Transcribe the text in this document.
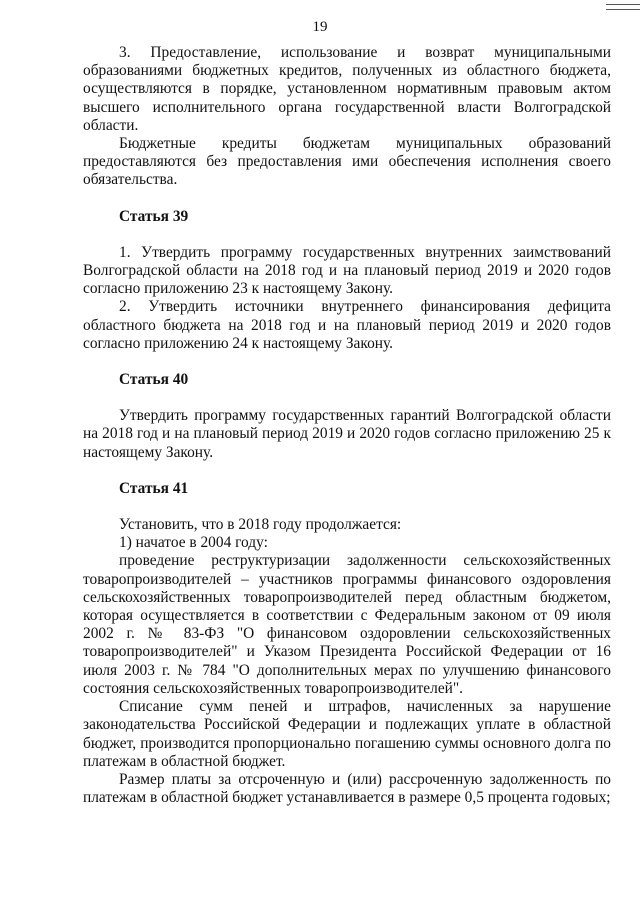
19

3. Предоставление, использование и возврат муниципальными образованиями бюджетных кредитов, полученных из областного бюджета, осуществляются в порядке, установленном нормативным правовым актом высшего исполнительного органа государственной власти Волгоградской области.

Бюджетные кредиты бюджетам муниципальных образований предоставляются без предоставления ими обеспечения исполнения своего обязательства.

Статья 39

1. Утвердить программу государственных внутренних заимствований Волгоградской области на 2018 год и на плановый период 2019 и 2020 годов согласно приложению 23 к настоящему Закону.

2. Утвердить источники внутреннего финансирования дефицита областного бюджета на 2018 год и на плановый период 2019 и 2020 годов согласно приложению 24 к настоящему Закону.

Статья 40

Утвердить программу государственных гарантий Волгоградской области на 2018 год и на плановый период 2019 и 2020 годов согласно приложению 25 к настоящему Закону.

Статья 41

Установить, что в 2018 году продолжается:

1) начатое в 2004 году:

проведение реструктуризации задолженности сельскохозяйственных товаропроизводителей – участников программы финансового оздоровления сельскохозяйственных товаропроизводителей перед областным бюджетом, которая осуществляется в соответствии с Федеральным законом от 09 июля 2002 г. № 83-ФЗ "О финансовом оздоровлении сельскохозяйственных товаропроизводителей" и Указом Президента Российской Федерации от 16 июля 2003 г. № 784 "О дополнительных мерах по улучшению финансового состояния сельскохозяйственных товаропроизводителей".

Списание сумм пеней и штрафов, начисленных за нарушение законодательства Российской Федерации и подлежащих уплате в областной бюджет, производится пропорционально погашению суммы основного долга по платежам в областной бюджет.

Размер платы за отсроченную и (или) рассроченную задолженность по платежам в областной бюджет устанавливается в размере 0,5 процента годовых;
